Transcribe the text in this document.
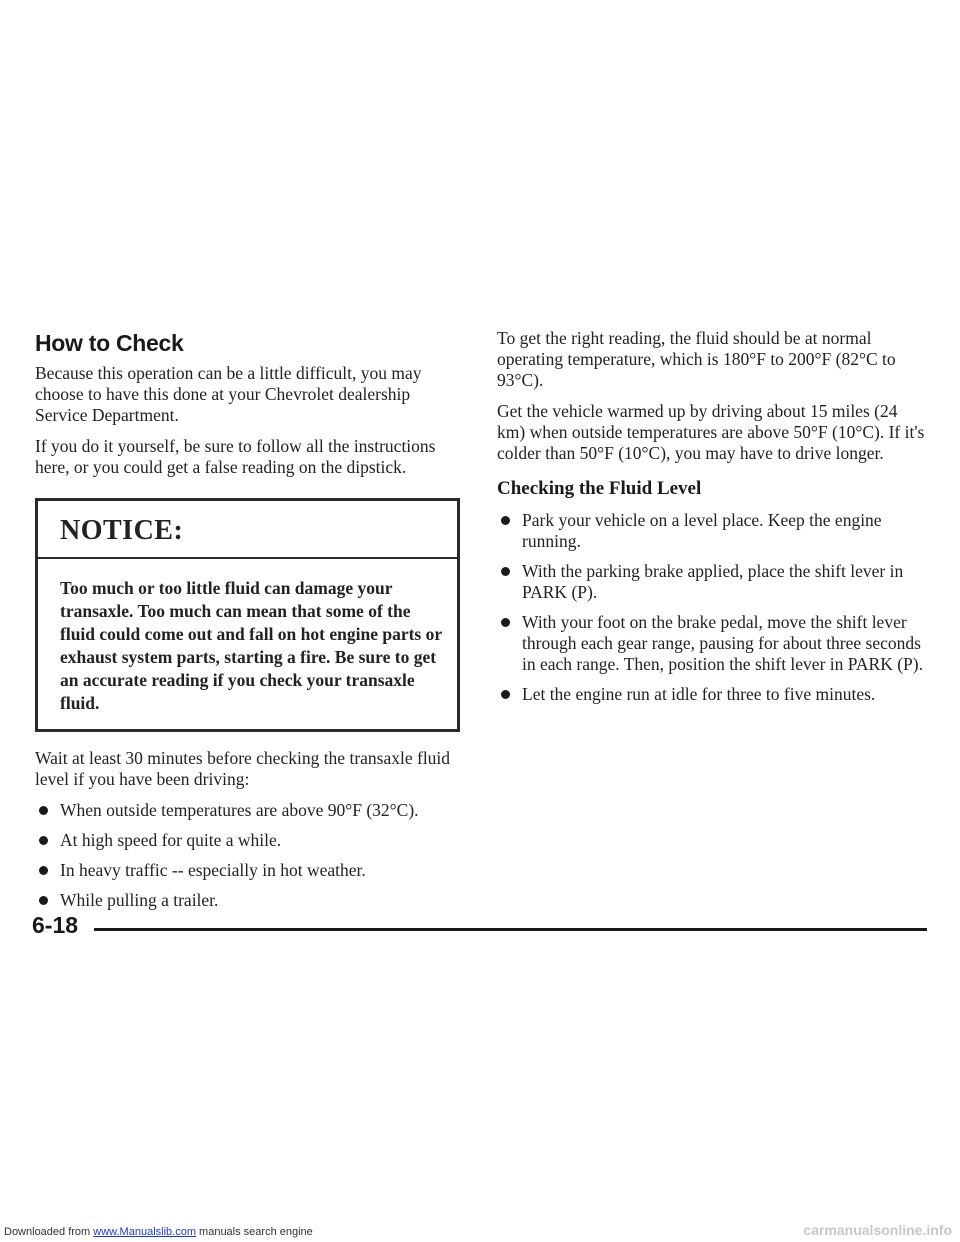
How to Check

Because this operation can be a little difficult, you may choose to have this done at your Chevrolet dealership Service Department.

If you do it yourself, be sure to follow all the instructions here, or you could get a false reading on the dipstick.

NOTICE:
Too much or too little fluid can damage your transaxle. Too much can mean that some of the fluid could come out and fall on hot engine parts or exhaust system parts, starting a fire. Be sure to get an accurate reading if you check your transaxle fluid.

Wait at least 30 minutes before checking the transaxle fluid level if you have been driving:

When outside temperatures are above 90°F (32°C).
At high speed for quite a while.
In heavy traffic -- especially in hot weather.
While pulling a trailer.

To get the right reading, the fluid should be at normal operating temperature, which is 180°F to 200°F (82°C to 93°C).

Get the vehicle warmed up by driving about 15 miles (24 km) when outside temperatures are above 50°F (10°C). If it's colder than 50°F (10°C), you may have to drive longer.

Checking the Fluid Level
Park your vehicle on a level place. Keep the engine running.
With the parking brake applied, place the shift lever in PARK (P).
With your foot on the brake pedal, move the shift lever through each gear range, pausing for about three seconds in each range. Then, position the shift lever in PARK (P).
Let the engine run at idle for three to five minutes.
6-18
Downloaded from www.Manualslib.com manuals search engine	carmanualsonline.info
